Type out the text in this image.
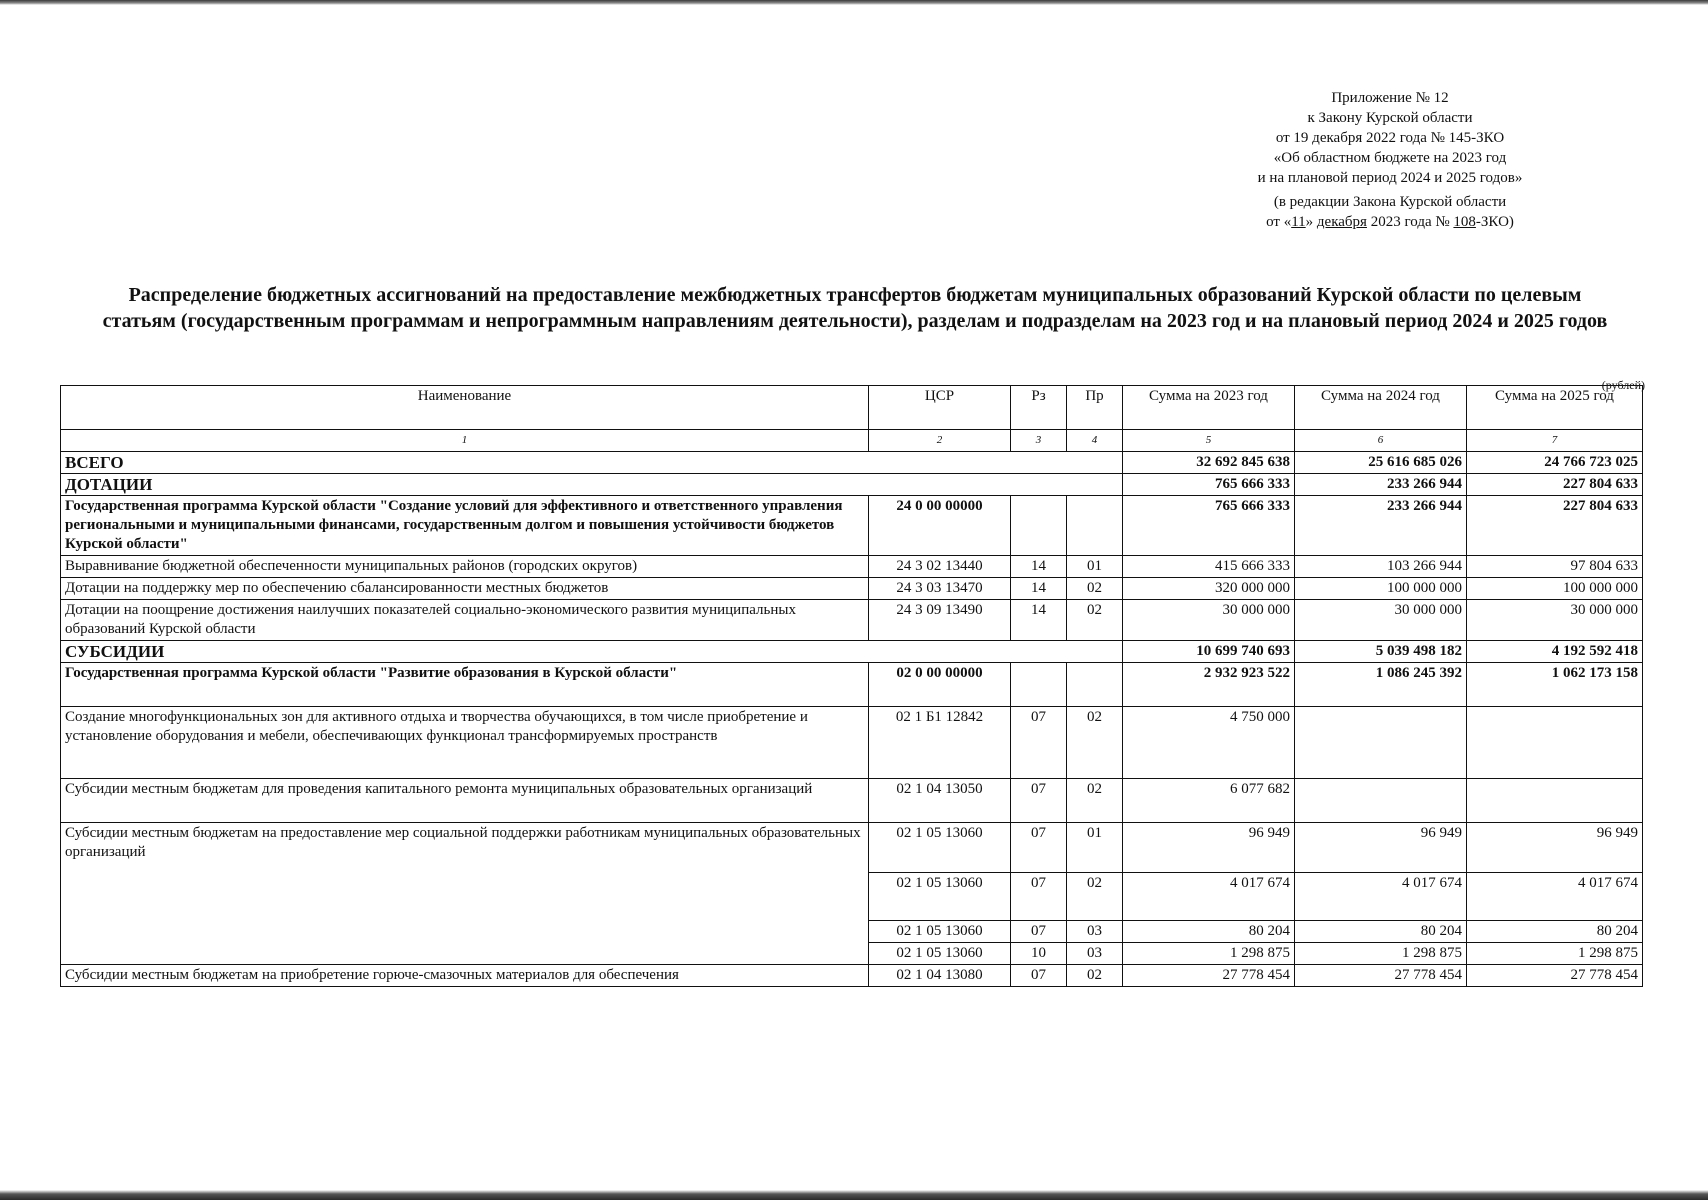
Приложение № 12
к Закону Курской области
от 19 декабря 2022 года № 145-ЗКО
«Об областном бюджете на 2023 год
и на плановой период 2024 и 2025 годов»
(в редакции Закона Курской области
от «11» декабря 2023 года № 108-ЗКО)
Распределение бюджетных ассигнований на предоставление межбюджетных трансфертов бюджетам муниципальных образований Курской области по целевым статьям (государственным программам и непрограммным направлениям деятельности), разделам и подразделам на 2023 год и на плановый период 2024 и 2025 годов
(рублей)
Наименование	ЦСР	Рз	Пр	Сумма на 2023 год	Сумма на 2024 год	Сумма на 2025 год
1	2	3	4	5	6	7
ВСЕГО				32 692 845 638	25 616 685 026	24 766 723 025
ДОТАЦИИ				765 666 333	233 266 944	227 804 633
Государственная программа Курской области "Создание условий для эффективного и ответственного управления региональными и муниципальными финансами, государственным долгом и повышения устойчивости бюджетов Курской области"	24 0 00 00000			765 666 333	233 266 944	227 804 633
Выравнивание бюджетной обеспеченности муниципальных районов (городских округов)	24 3 02 13440	14	01	415 666 333	103 266 944	97 804 633
Дотации на поддержку мер по обеспечению сбалансированности местных бюджетов	24 3 03 13470	14	02	320 000 000	100 000 000	100 000 000
Дотации на поощрение достижения наилучших показателей социально-экономического развития муниципальных образований Курской области	24 3 09 13490	14	02	30 000 000	30 000 000	30 000 000
СУБСИДИИ				10 699 740 693	5 039 498 182	4 192 592 418
Государственная программа Курской области "Развитие образования в Курской области"	02 0 00 00000			2 932 923 522	1 086 245 392	1 062 173 158
Создание многофункциональных зон для активного отдыха и творчества обучающихся, в том числе приобретение и установление оборудования и мебели, обеспечивающих функционал трансформируемых пространств	02 1 Б1 12842	07	02	4 750 000		
Субсидии местным бюджетам для проведения капитального ремонта муниципальных образовательных организаций	02 1 04 13050	07	02	6 077 682		
Субсидии местным бюджетам на предоставление мер социальной поддержки работникам муниципальных образовательных организаций	02 1 05 13060	07	01	96 949	96 949	96 949
	02 1 05 13060	07	02	4 017 674	4 017 674	4 017 674
	02 1 05 13060	07	03	80 204	80 204	80 204
	02 1 05 13060	10	03	1 298 875	1 298 875	1 298 875
Субсидии местным бюджетам на приобретение горюче-смазочных материалов для обеспечения	02 1 04 13080	07	02	27 778 454	27 778 454	27 778 454
